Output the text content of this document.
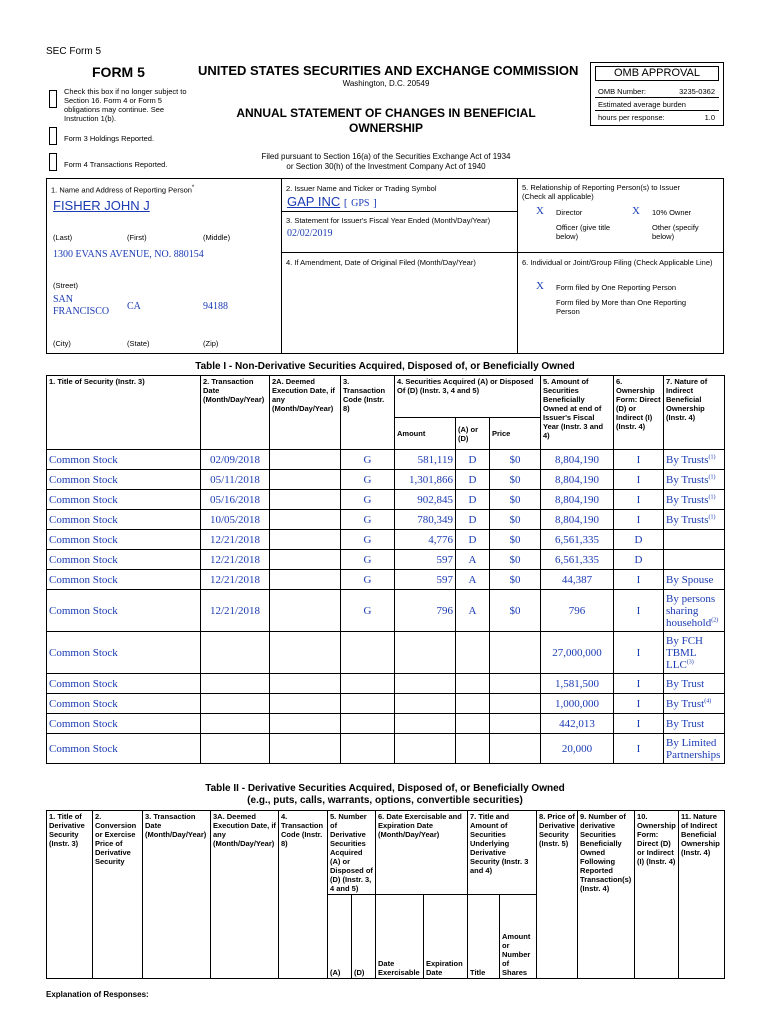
SEC Form 5
FORM 5	UNITED STATES SECURITIES AND EXCHANGE COMMISSION
Washington, D.C. 20549
ANNUAL STATEMENT OF CHANGES IN BENEFICIAL
OWNERSHIP
Filed pursuant to Section 16(a) of the Securities Exchange Act of 1934
or Section 30(h) of the Investment Company Act of 1940
Check this box if no longer subject to Section 16. Form 4 or Form 5 obligations may continue. See Instruction 1(b).
Form 3 Holdings Reported.
Form 4 Transactions Reported.
OMB APPROVAL
OMB Number:	3235-0362
Estimated average burden
hours per response:	1.0
1. Name and Address of Reporting Person*
FISHER JOHN J
(Last)	(First)	(Middle)
1300 EVANS AVENUE, NO. 880154
(Street)
SAN FRANCISCO	CA	94188
(City)	(State)	(Zip)
2. Issuer Name and Ticker or Trading Symbol
GAP INC [ GPS ]
3. Statement for Issuer's Fiscal Year Ended (Month/Day/Year)
02/02/2019
4. If Amendment, Date of Original Filed (Month/Day/Year)
5. Relationship of Reporting Person(s) to Issuer
(Check all applicable)
X Director	X 10% Owner
Officer (give title below)
Other (specify below)
6. Individual or Joint/Group Filing (Check Applicable Line)
X Form filed by One Reporting Person
Form filed by More than One Reporting Person
Table I - Non-Derivative Securities Acquired, Disposed of, or Beneficially Owned
1. Title of Security (Instr. 3)	2. Transaction Date (Month/Day/Year)	2A. Deemed Execution Date, if any (Month/Day/Year)	3. Transaction Code (Instr. 8)	4. Securities Acquired (A) or Disposed Of (D) (Instr. 3, 4 and 5)			5. Amount of Securities Beneficially Owned at end of Issuer's Fiscal Year (Instr. 3 and 4)	6. Ownership Form: Direct (D) or Indirect (I) (Instr. 4)	7. Nature of Indirect Beneficial Ownership (Instr. 4)
				Amount	(A) or (D)	Price			
Common Stock	02/09/2018		G	581,119	D	$0	8,804,190	I	By Trusts$^{(1)}$
Common Stock	05/11/2018		G	1,301,866	D	$0	8,804,190	I	By Trusts$^{(1)}$
Common Stock	05/16/2018		G	902,845	D	$0	8,804,190	I	By Trusts$^{(1)}$
Common Stock	10/05/2018		G	780,349	D	$0	8,804,190	I	By Trusts$^{(1)}$
Common Stock	12/21/2018		G	4,776	D	$0	6,561,335	D	
Common Stock	12/21/2018		G	597	A	$0	6,561,335	D	
Common Stock	12/21/2018		G	597	A	$0	44,387	I	By Spouse
Common Stock	12/21/2018		G	796	A	$0	796	I	By persons sharing household$^{(2)}$
Common Stock							27,000,000	I	By FCH TBML LLC$^{(3)}$
Common Stock							1,581,500	I	By Trust
Common Stock							1,000,000	I	By Trust$^{(4)}$
Common Stock							442,013	I	By Trust
Common Stock							20,000	I	By Limited Partnerships
Table II - Derivative Securities Acquired, Disposed of, or Beneficially Owned
(e.g., puts, calls, warrants, options, convertible securities)
1. Title of Derivative Security (Instr. 3)	2. Conversion or Exercise Price of Derivative Security	3. Transaction Date (Month/Day/Year)	3A. Deemed Execution Date, if any (Month/Day/Year)	4. Transaction Code (Instr. 8)	5. Number of Derivative Securities Acquired (A) or Disposed of (D) (Instr. 3, 4 and 5)		6. Date Exercisable and Expiration Date (Month/Day/Year)		7. Title and Amount of Securities Underlying Derivative Security (Instr. 3 and 4)		8. Price of Derivative Security (Instr. 5)	9. Number of derivative Securities Beneficially Owned Following Reported Transaction(s) (Instr. 4)	10. Ownership Form: Direct (D) or Indirect (I) (Instr. 4)	11. Nature of Indirect Beneficial Ownership (Instr. 4)
					(A)	(D)	Date Exercisable	Expiration Date	Title	Amount or Number of Shares				
Explanation of Responses:
